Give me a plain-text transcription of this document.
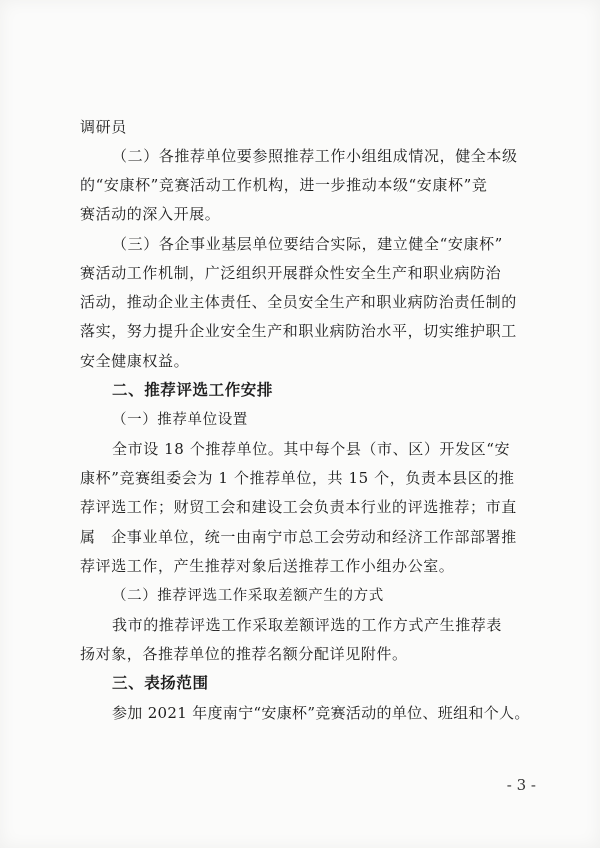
调研员
（二）各推荐单位要参照推荐工作小组组成情况，健全本级
的“安康杯”竞赛活动工作机构，进一步推动本级“安康杯”竞
赛活动的深入开展。
（三）各企事业基层单位要结合实际，建立健全“安康杯”
赛活动工作机制，广泛组织开展群众性安全生产和职业病防治
活动，推动企业主体责任、全员安全生产和职业病防治责任制的
落实，努力提升企业安全生产和职业病防治水平，切实维护职工
安全健康权益。
二、推荐评选工作安排
（一）推荐单位设置
全市设 18 个推荐单位。其中每个县（市、区）开发区“安
康杯”竞赛组委会为 1 个推荐单位，共 15 个，负责本县区的推
荐评选工作；财贸工会和建设工会负责本行业的评选推荐；市直
属　企事业单位，统一由南宁市总工会劳动和经济工作部部署推
荐评选工作，产生推荐对象后送推荐工作小组办公室。
（二）推荐评选工作采取差额产生的方式
我市的推荐评选工作采取差额评选的工作方式产生推荐表
扬对象，各推荐单位的推荐名额分配详见附件。
三、表扬范围
参加 2021 年度南宁“安康杯”竞赛活动的单位、班组和个人。
- 3 -
